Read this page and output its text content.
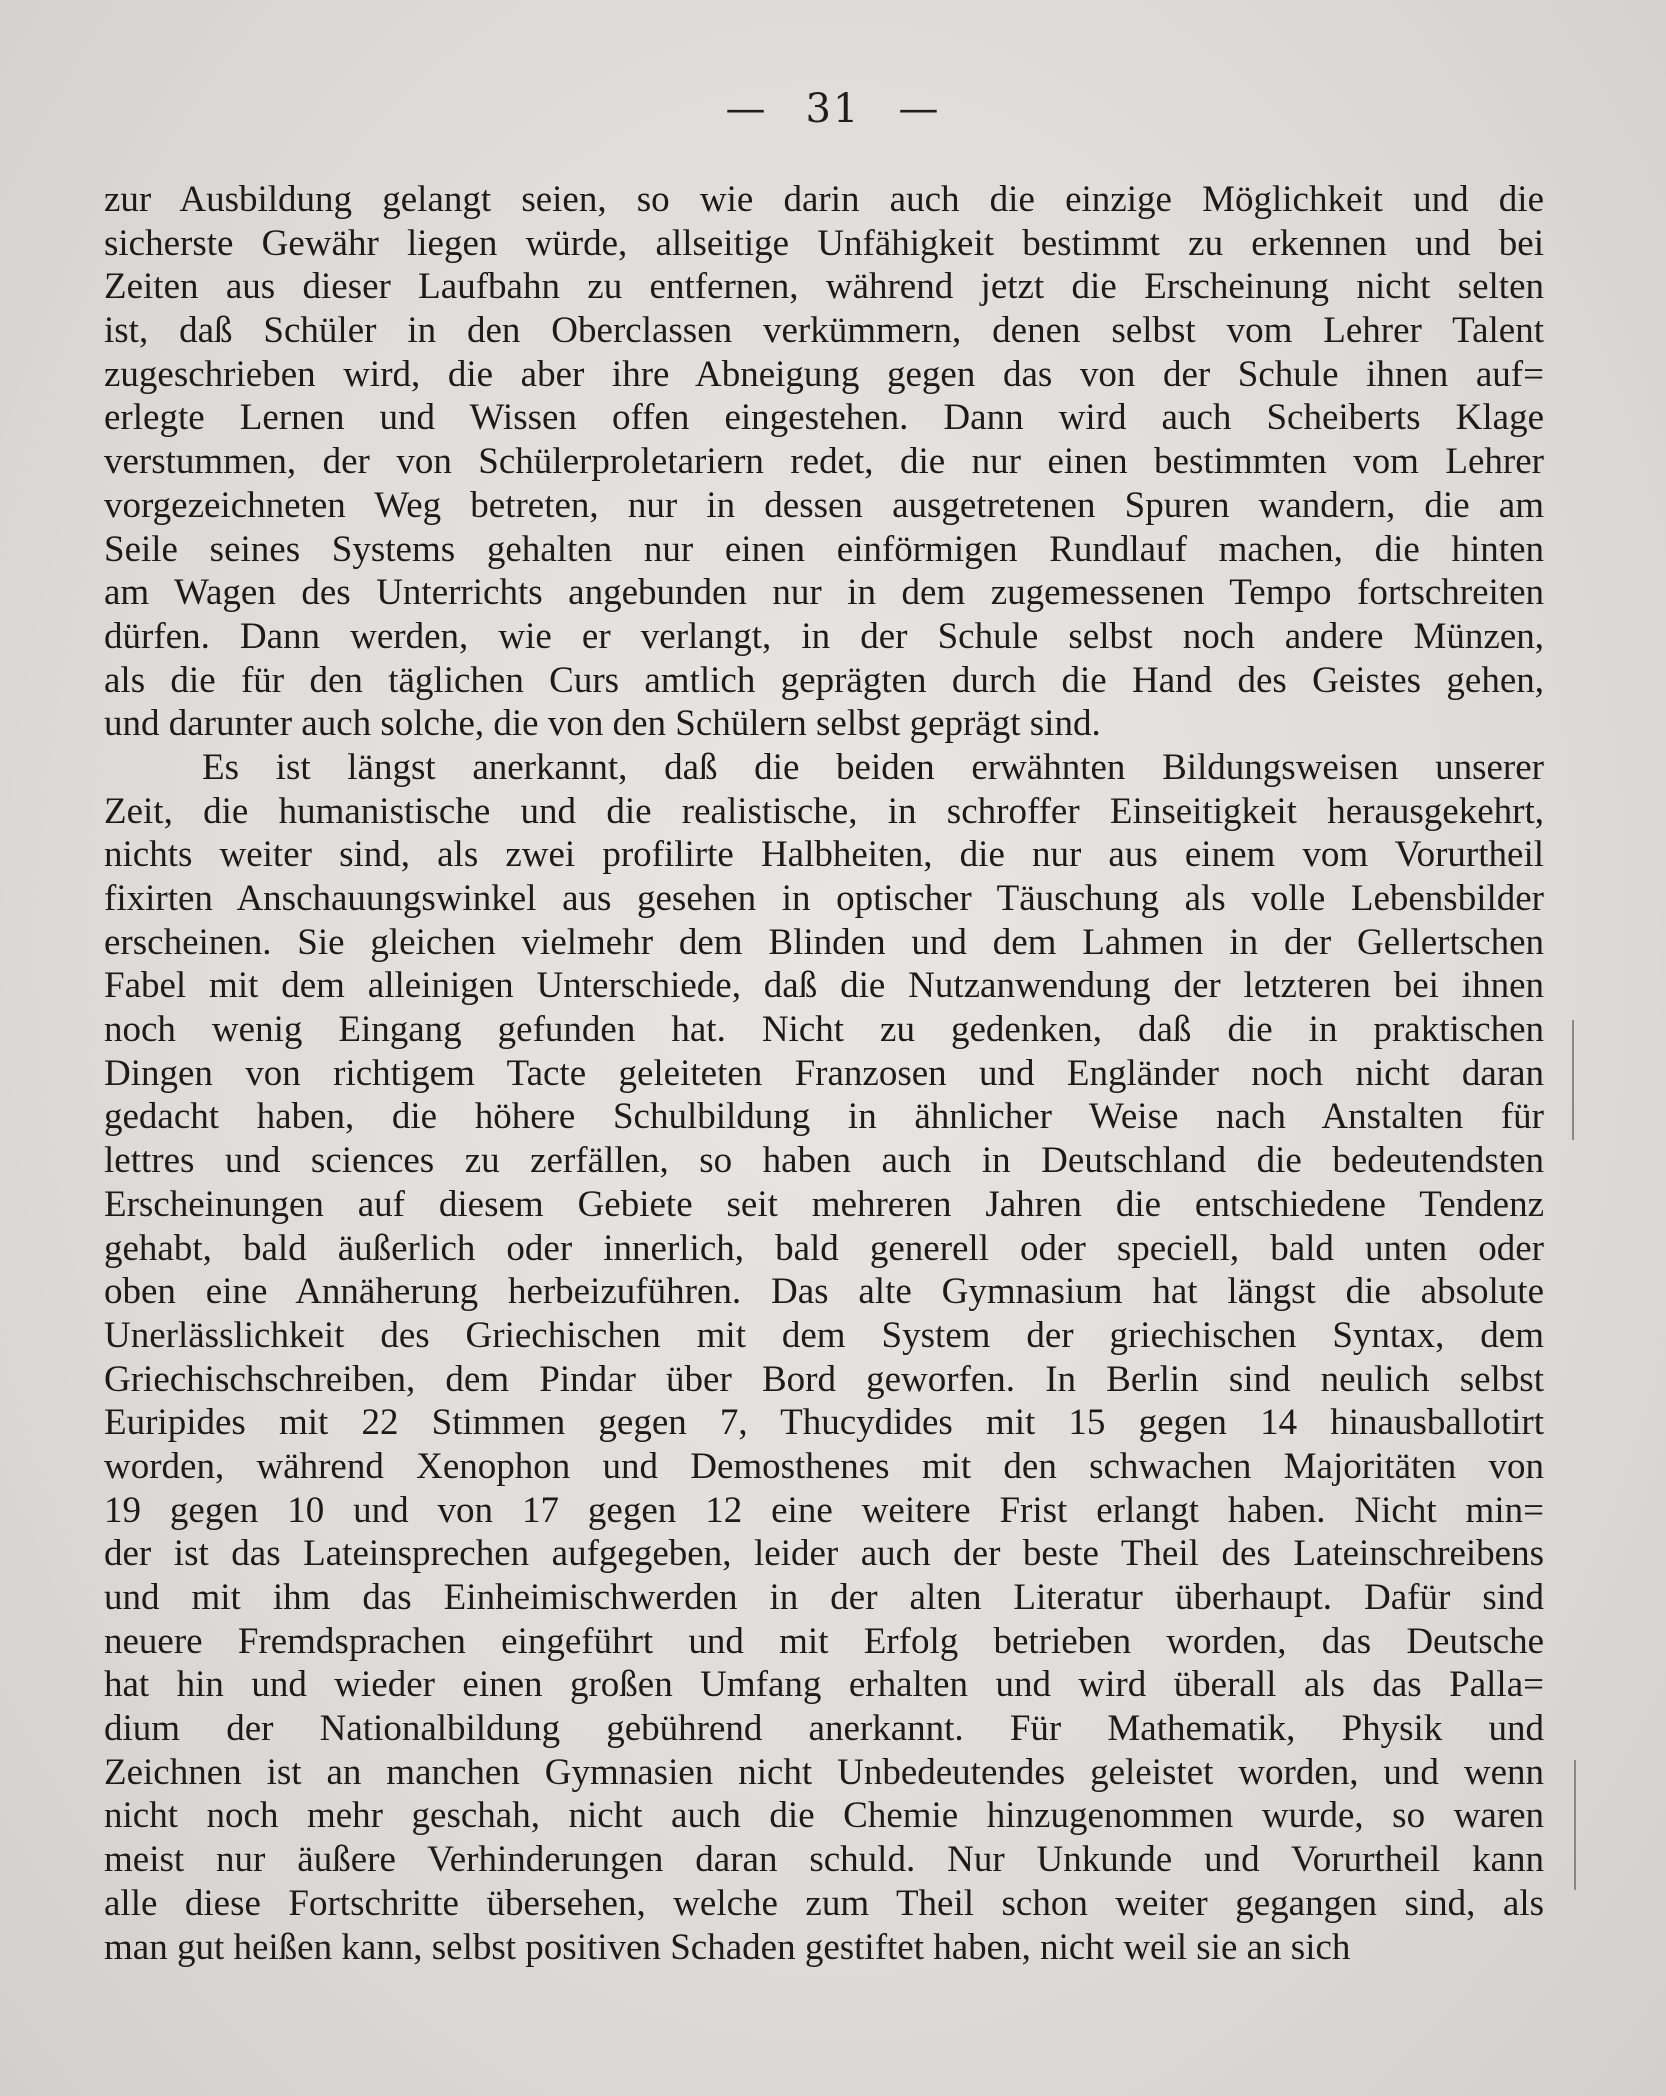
— 31 —
zur Ausbildung gelangt seien, so wie darin auch die einzige Möglichkeit und die
sicherste Gewähr liegen würde, allseitige Unfähigkeit bestimmt zu erkennen und bei
Zeiten aus dieser Laufbahn zu entfernen, während jetzt die Erscheinung nicht selten
ist, daß Schüler in den Oberclassen verkümmern, denen selbst vom Lehrer Talent
zugeschrieben wird, die aber ihre Abneigung gegen das von der Schule ihnen auf=
erlegte Lernen und Wissen offen eingestehen. Dann wird auch Scheiberts Klage
verstummen, der von Schülerproletariern redet, die nur einen bestimmten vom Lehrer
vorgezeichneten Weg betreten, nur in dessen ausgetretenen Spuren wandern, die am
Seile seines Systems gehalten nur einen einförmigen Rundlauf machen, die hinten
am Wagen des Unterrichts angebunden nur in dem zugemessenen Tempo fortschreiten
dürfen. Dann werden, wie er verlangt, in der Schule selbst noch andere Münzen,
als die für den täglichen Curs amtlich geprägten durch die Hand des Geistes gehen,
und darunter auch solche, die von den Schülern selbst geprägt sind.
Es ist längst anerkannt, daß die beiden erwähnten Bildungsweisen unserer
Zeit, die humanistische und die realistische, in schroffer Einseitigkeit herausgekehrt,
nichts weiter sind, als zwei profilirte Halbheiten, die nur aus einem vom Vorurtheil
fixirten Anschauungswinkel aus gesehen in optischer Täuschung als volle Lebensbilder
erscheinen. Sie gleichen vielmehr dem Blinden und dem Lahmen in der Gellertschen
Fabel mit dem alleinigen Unterschiede, daß die Nutzanwendung der letzteren bei ihnen
noch wenig Eingang gefunden hat. Nicht zu gedenken, daß die in praktischen
Dingen von richtigem Tacte geleiteten Franzosen und Engländer noch nicht daran
gedacht haben, die höhere Schulbildung in ähnlicher Weise nach Anstalten für
lettres und sciences zu zerfällen, so haben auch in Deutschland die bedeutendsten
Erscheinungen auf diesem Gebiete seit mehreren Jahren die entschiedene Tendenz
gehabt, bald äußerlich oder innerlich, bald generell oder speciell, bald unten oder
oben eine Annäherung herbeizuführen. Das alte Gymnasium hat längst die absolute
Unerlässlichkeit des Griechischen mit dem System der griechischen Syntax, dem
Griechischschreiben, dem Pindar über Bord geworfen. In Berlin sind neulich selbst
Euripides mit 22 Stimmen gegen 7, Thucydides mit 15 gegen 14 hinausballotirt
worden, während Xenophon und Demosthenes mit den schwachen Majoritäten von
19 gegen 10 und von 17 gegen 12 eine weitere Frist erlangt haben. Nicht min=
der ist das Lateinsprechen aufgegeben, leider auch der beste Theil des Lateinschreibens
und mit ihm das Einheimischwerden in der alten Literatur überhaupt. Dafür sind
neuere Fremdsprachen eingeführt und mit Erfolg betrieben worden, das Deutsche
hat hin und wieder einen großen Umfang erhalten und wird überall als das Palla=
dium der Nationalbildung gebührend anerkannt. Für Mathematik, Physik und
Zeichnen ist an manchen Gymnasien nicht Unbedeutendes geleistet worden, und wenn
nicht noch mehr geschah, nicht auch die Chemie hinzugenommen wurde, so waren
meist nur äußere Verhinderungen daran schuld. Nur Unkunde und Vorurtheil kann
alle diese Fortschritte übersehen, welche zum Theil schon weiter gegangen sind, als
man gut heißen kann, selbst positiven Schaden gestiftet haben, nicht weil sie an sich
